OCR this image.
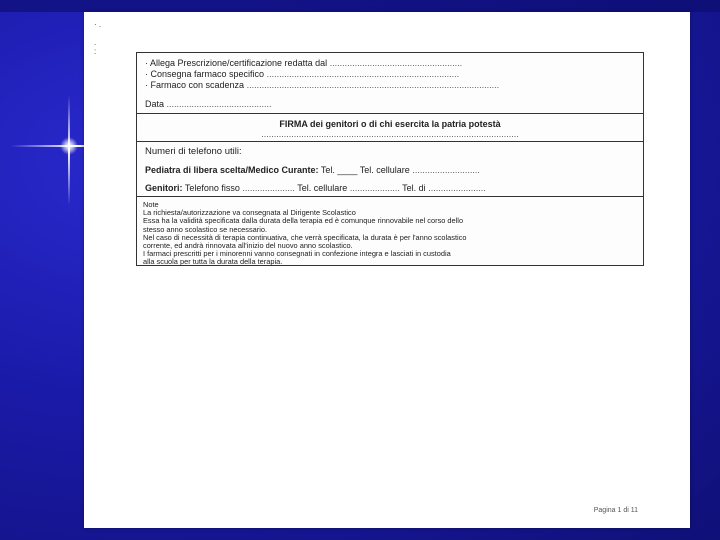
· .

.
:
· Allega Prescrizione/certificazione redatta dal .....................................................
· Consegna farmaco specifico .............................................................................
· Farmaco con scadenza .....................................................................................................
Data ..........................................
FIRMA dei genitori o di chi esercita la patria potestà
.......................................................................................................
Numeri di telefono utili:
Pediatra di libera scelta/Medico Curante: Tel. ____ Tel. cellulare ...........................
Genitori: Telefono fisso ..................... Tel. cellulare .................... Tel. di .......................
Note
La richiesta/autorizzazione va consegnata al Dirigente Scolastico
Essa ha la validità specificata dalla durata della terapia ed è comunque rinnovabile nel corso dello
stesso anno scolastico se necessario.
Nel caso di necessità di terapia continuativa, che verrà specificata, la durata è per l'anno scolastico
corrente, ed andrà rinnovata all'inizio del nuovo anno scolastico.
I farmaci prescritti per i minorenni vanno consegnati in confezione integra e lasciati in custodia
alla scuola per tutta la durata della terapia.
Pagina 1 di 11
